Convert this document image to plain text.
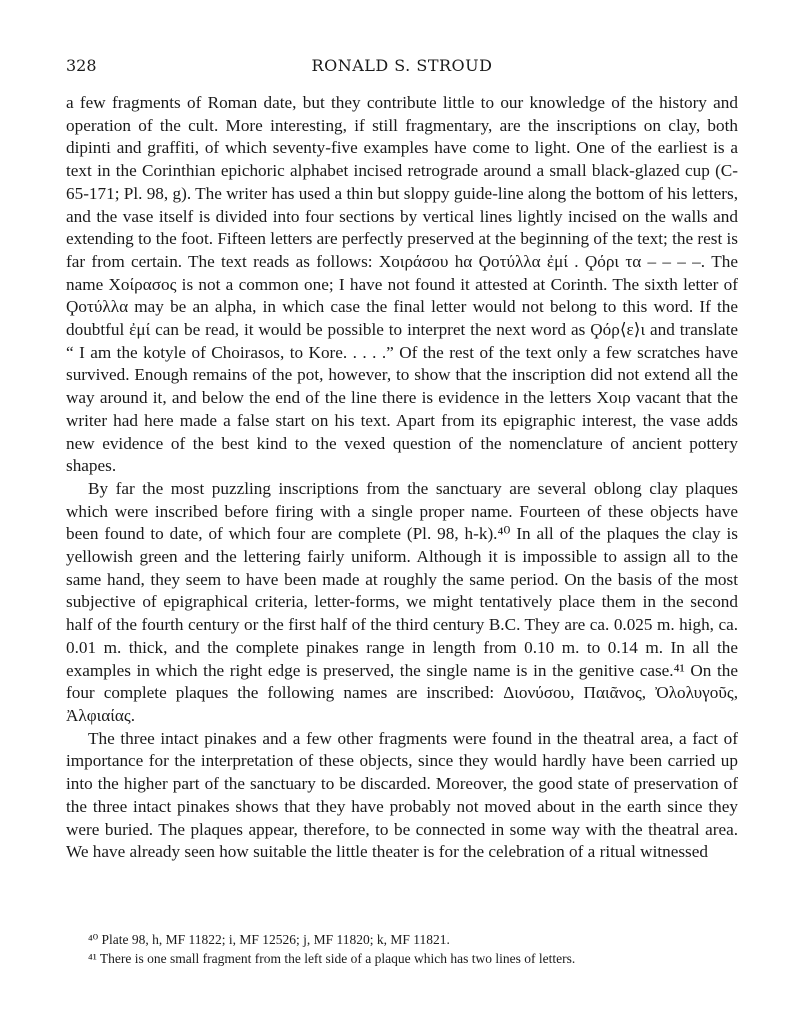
328	RONALD S. STROUD

a few fragments of Roman date, but they contribute little to our knowledge of the history and operation of the cult. More interesting, if still fragmentary, are the inscriptions on clay, both dipinti and graffiti, of which seventy-five examples have come to light. One of the earliest is a text in the Corinthian epichoric alphabet incised retrograde around a small black-glazed cup (C-65-171; Pl. 98, g). The writer has used a thin but sloppy guide-line along the bottom of his letters, and the vase itself is divided into four sections by vertical lines lightly incised on the walls and extending to the foot. Fifteen letters are perfectly preserved at the beginning of the text; the rest is far from certain. The text reads as follows: Χοιράσου hα Ϙοτύλλα ἐμί . Ϙόρι τα – – – –. The name Χοίρασος is not a common one; I have not found it attested at Corinth. The sixth letter of Ϙοτύλλα may be an alpha, in which case the final letter would not belong to this word. If the doubtful ἐμί can be read, it would be possible to interpret the next word as Ϙόρ⟨ε⟩ι and translate “ I am the kotyle of Choirasos, to Kore. . . . .” Of the rest of the text only a few scratches have survived. Enough remains of the pot, however, to show that the inscription did not extend all the way around it, and below the end of the line there is evidence in the letters Χοιρ vacant that the writer had here made a false start on his text. Apart from its epigraphic interest, the vase adds new evidence of the best kind to the vexed question of the nomenclature of ancient pottery shapes.

By far the most puzzling inscriptions from the sanctuary are several oblong clay plaques which were inscribed before firing with a single proper name. Fourteen of these objects have been found to date, of which four are complete (Pl. 98, h-k).⁴⁰ In all of the plaques the clay is yellowish green and the lettering fairly uniform. Although it is impossible to assign all to the same hand, they seem to have been made at roughly the same period. On the basis of the most subjective of epigraphical criteria, letter-forms, we might tentatively place them in the second half of the fourth century or the first half of the third century B.C. They are ca. 0.025 m. high, ca. 0.01 m. thick, and the complete pinakes range in length from 0.10 m. to 0.14 m. In all the examples in which the right edge is preserved, the single name is in the genitive case.⁴¹ On the four complete plaques the following names are inscribed: Διονύσου, Παιᾶνος, Ὀλολυγοῦς, Ἀλφιαίας.

The three intact pinakes and a few other fragments were found in the theatral area, a fact of importance for the interpretation of these objects, since they would hardly have been carried up into the higher part of the sanctuary to be discarded. Moreover, the good state of preservation of the three intact pinakes shows that they have probably not moved about in the earth since they were buried. The plaques appear, therefore, to be connected in some way with the theatral area. We have already seen how suitable the little theater is for the celebration of a ritual witnessed

⁴⁰ Plate 98, h, MF 11822; i, MF 12526; j, MF 11820; k, MF 11821.

⁴¹ There is one small fragment from the left side of a plaque which has two lines of letters.
